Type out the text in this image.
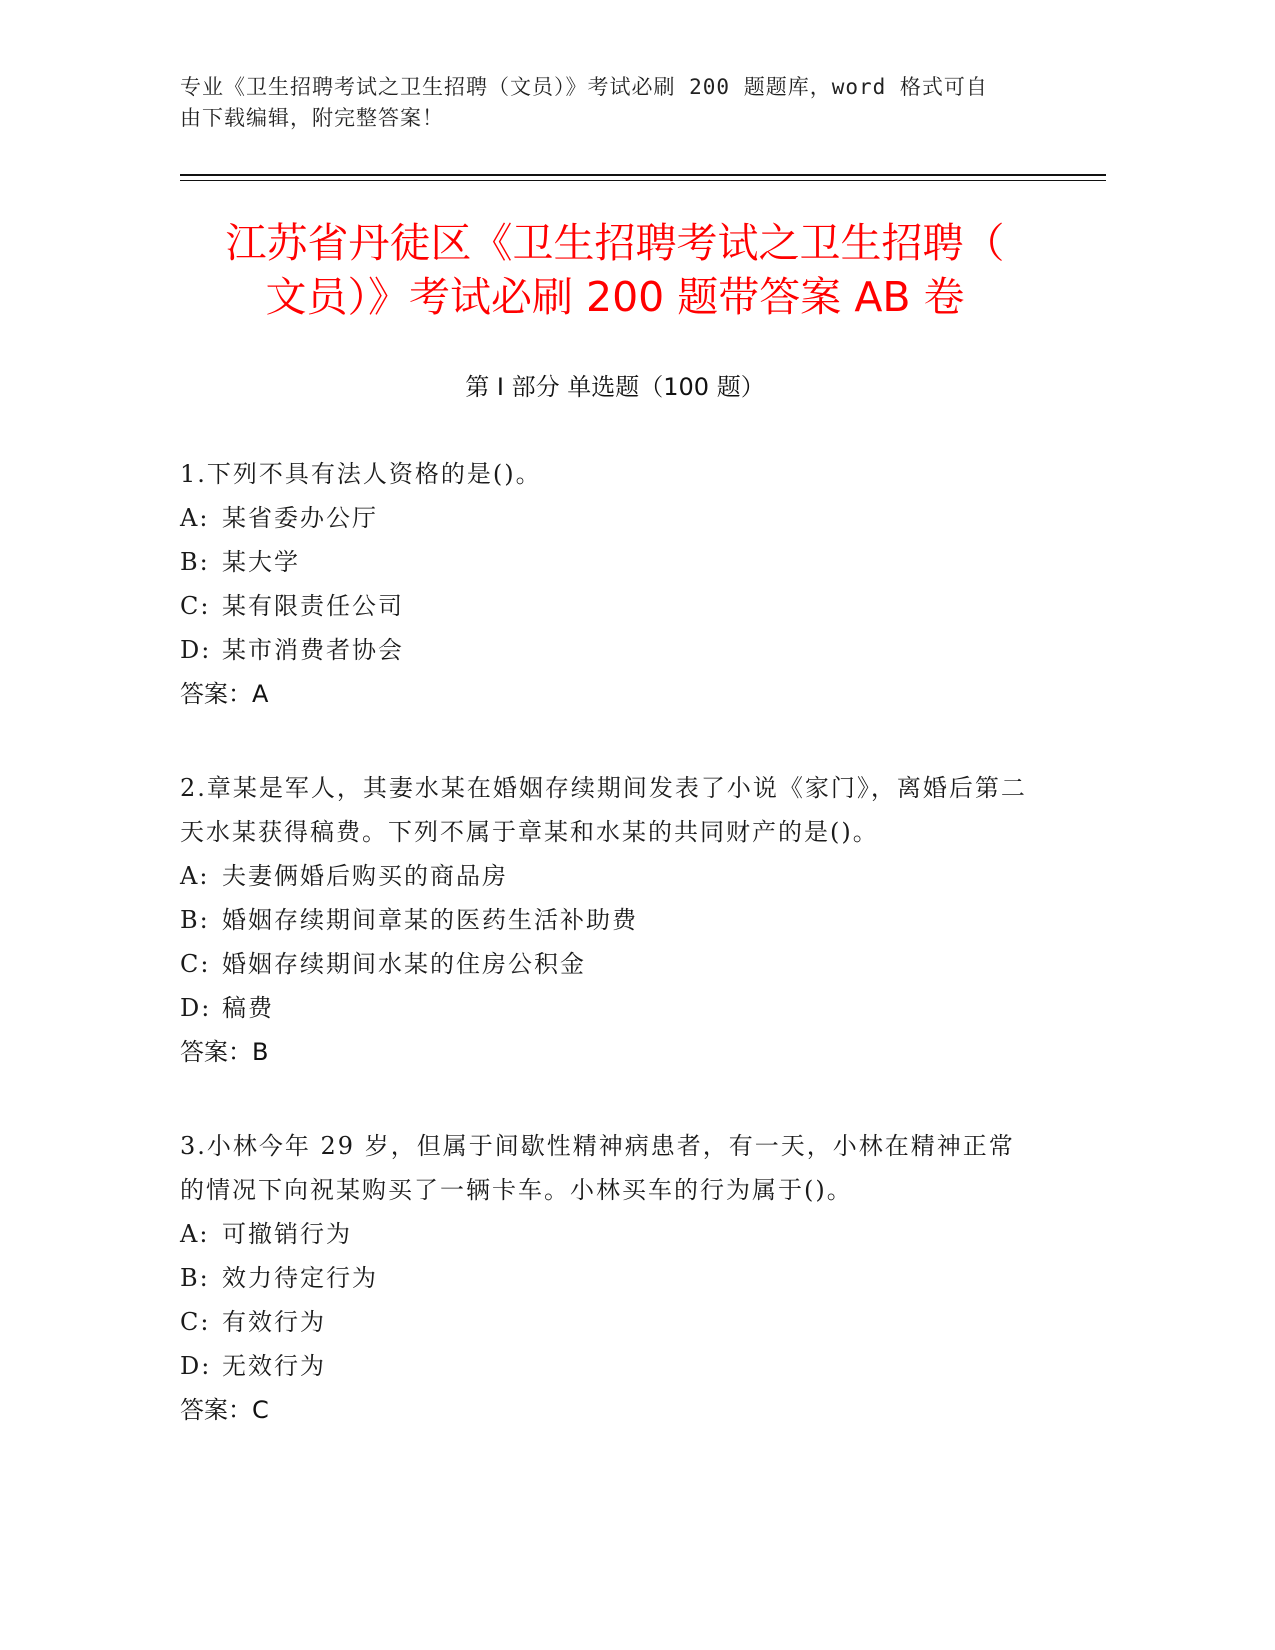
专业《卫生招聘考试之卫生招聘（文员）》考试必刷 200 题题库，word 格式可自
由下载编辑，附完整答案！
江苏省丹徒区《卫生招聘考试之卫生招聘（
文员）》考试必刷 200 题带答案 AB 卷
第 I 部分 单选题（100 题）

1.下列不具有法人资格的是()。

A: 某省委办公厅

B: 某大学

C: 某有限责任公司

D: 某市消费者协会

答案：A

2.章某是军人，其妻水某在婚姻存续期间发表了小说《家门》，离婚后第二天水某获得稿费。下列不属于章某和水某的共同财产的是()。

A: 夫妻俩婚后购买的商品房

B: 婚姻存续期间章某的医药生活补助费

C: 婚姻存续期间水某的住房公积金

D: 稿费

答案：B

3.小林今年 29 岁，但属于间歇性精神病患者，有一天，小林在精神正常的情况下向祝某购买了一辆卡车。小林买车的行为属于()。

A: 可撤销行为

B: 效力待定行为

C: 有效行为

D: 无效行为

答案：C
